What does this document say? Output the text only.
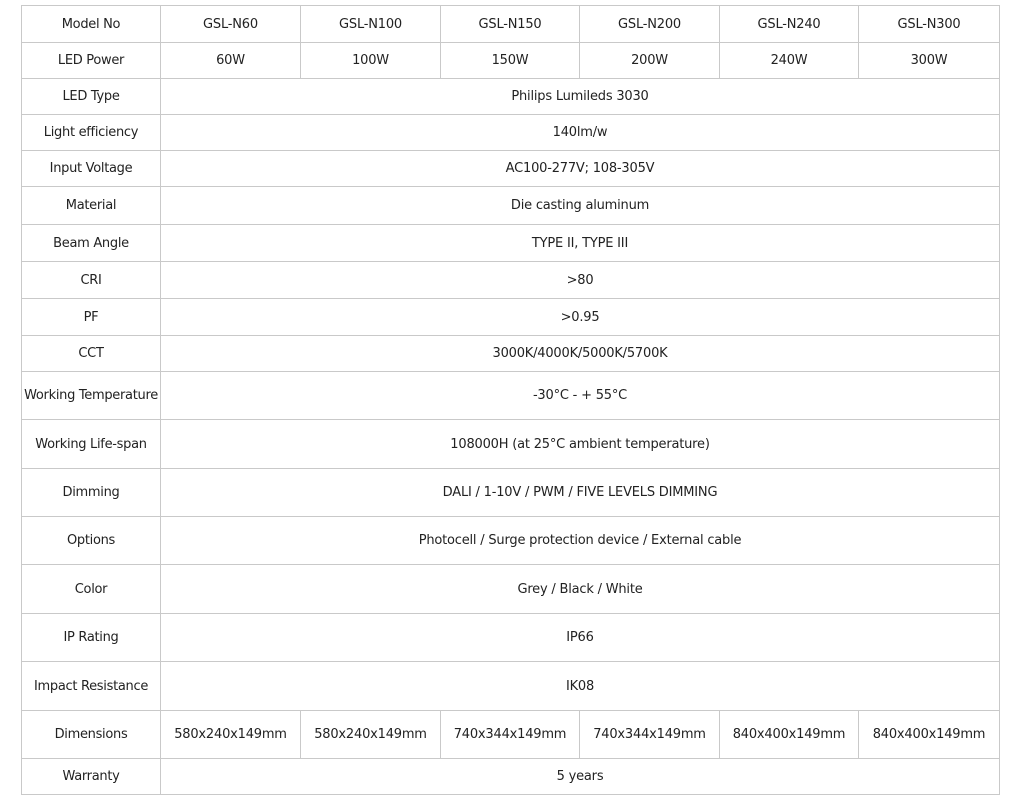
Model No	GSL-N60	GSL-N100	GSL-N150	GSL-N200	GSL-N240	GSL-N300
LED Power	60W	100W	150W	200W	240W	300W
LED Type	Philips Lumileds 3030					
Light efficiency	140lm/w					
Input Voltage	AC100-277V; 108-305V					
Material	Die casting aluminum					
Beam Angle	TYPE II, TYPE III					
CRI	>80					
PF	>0.95					
CCT	3000K/4000K/5000K/5700K					
Working Temperature	-30°C - + 55°C					
Working Life-span	108000H (at 25°C ambient temperature)					
Dimming	DALI / 1-10V / PWM / FIVE LEVELS DIMMING					
Options	Photocell / Surge protection device / External cable					
Color	Grey / Black / White					
IP Rating	IP66					
Impact Resistance	IK08					
Dimensions	580x240x149mm	580x240x149mm	740x344x149mm	740x344x149mm	840x400x149mm	840x400x149mm
Warranty	5 years					
